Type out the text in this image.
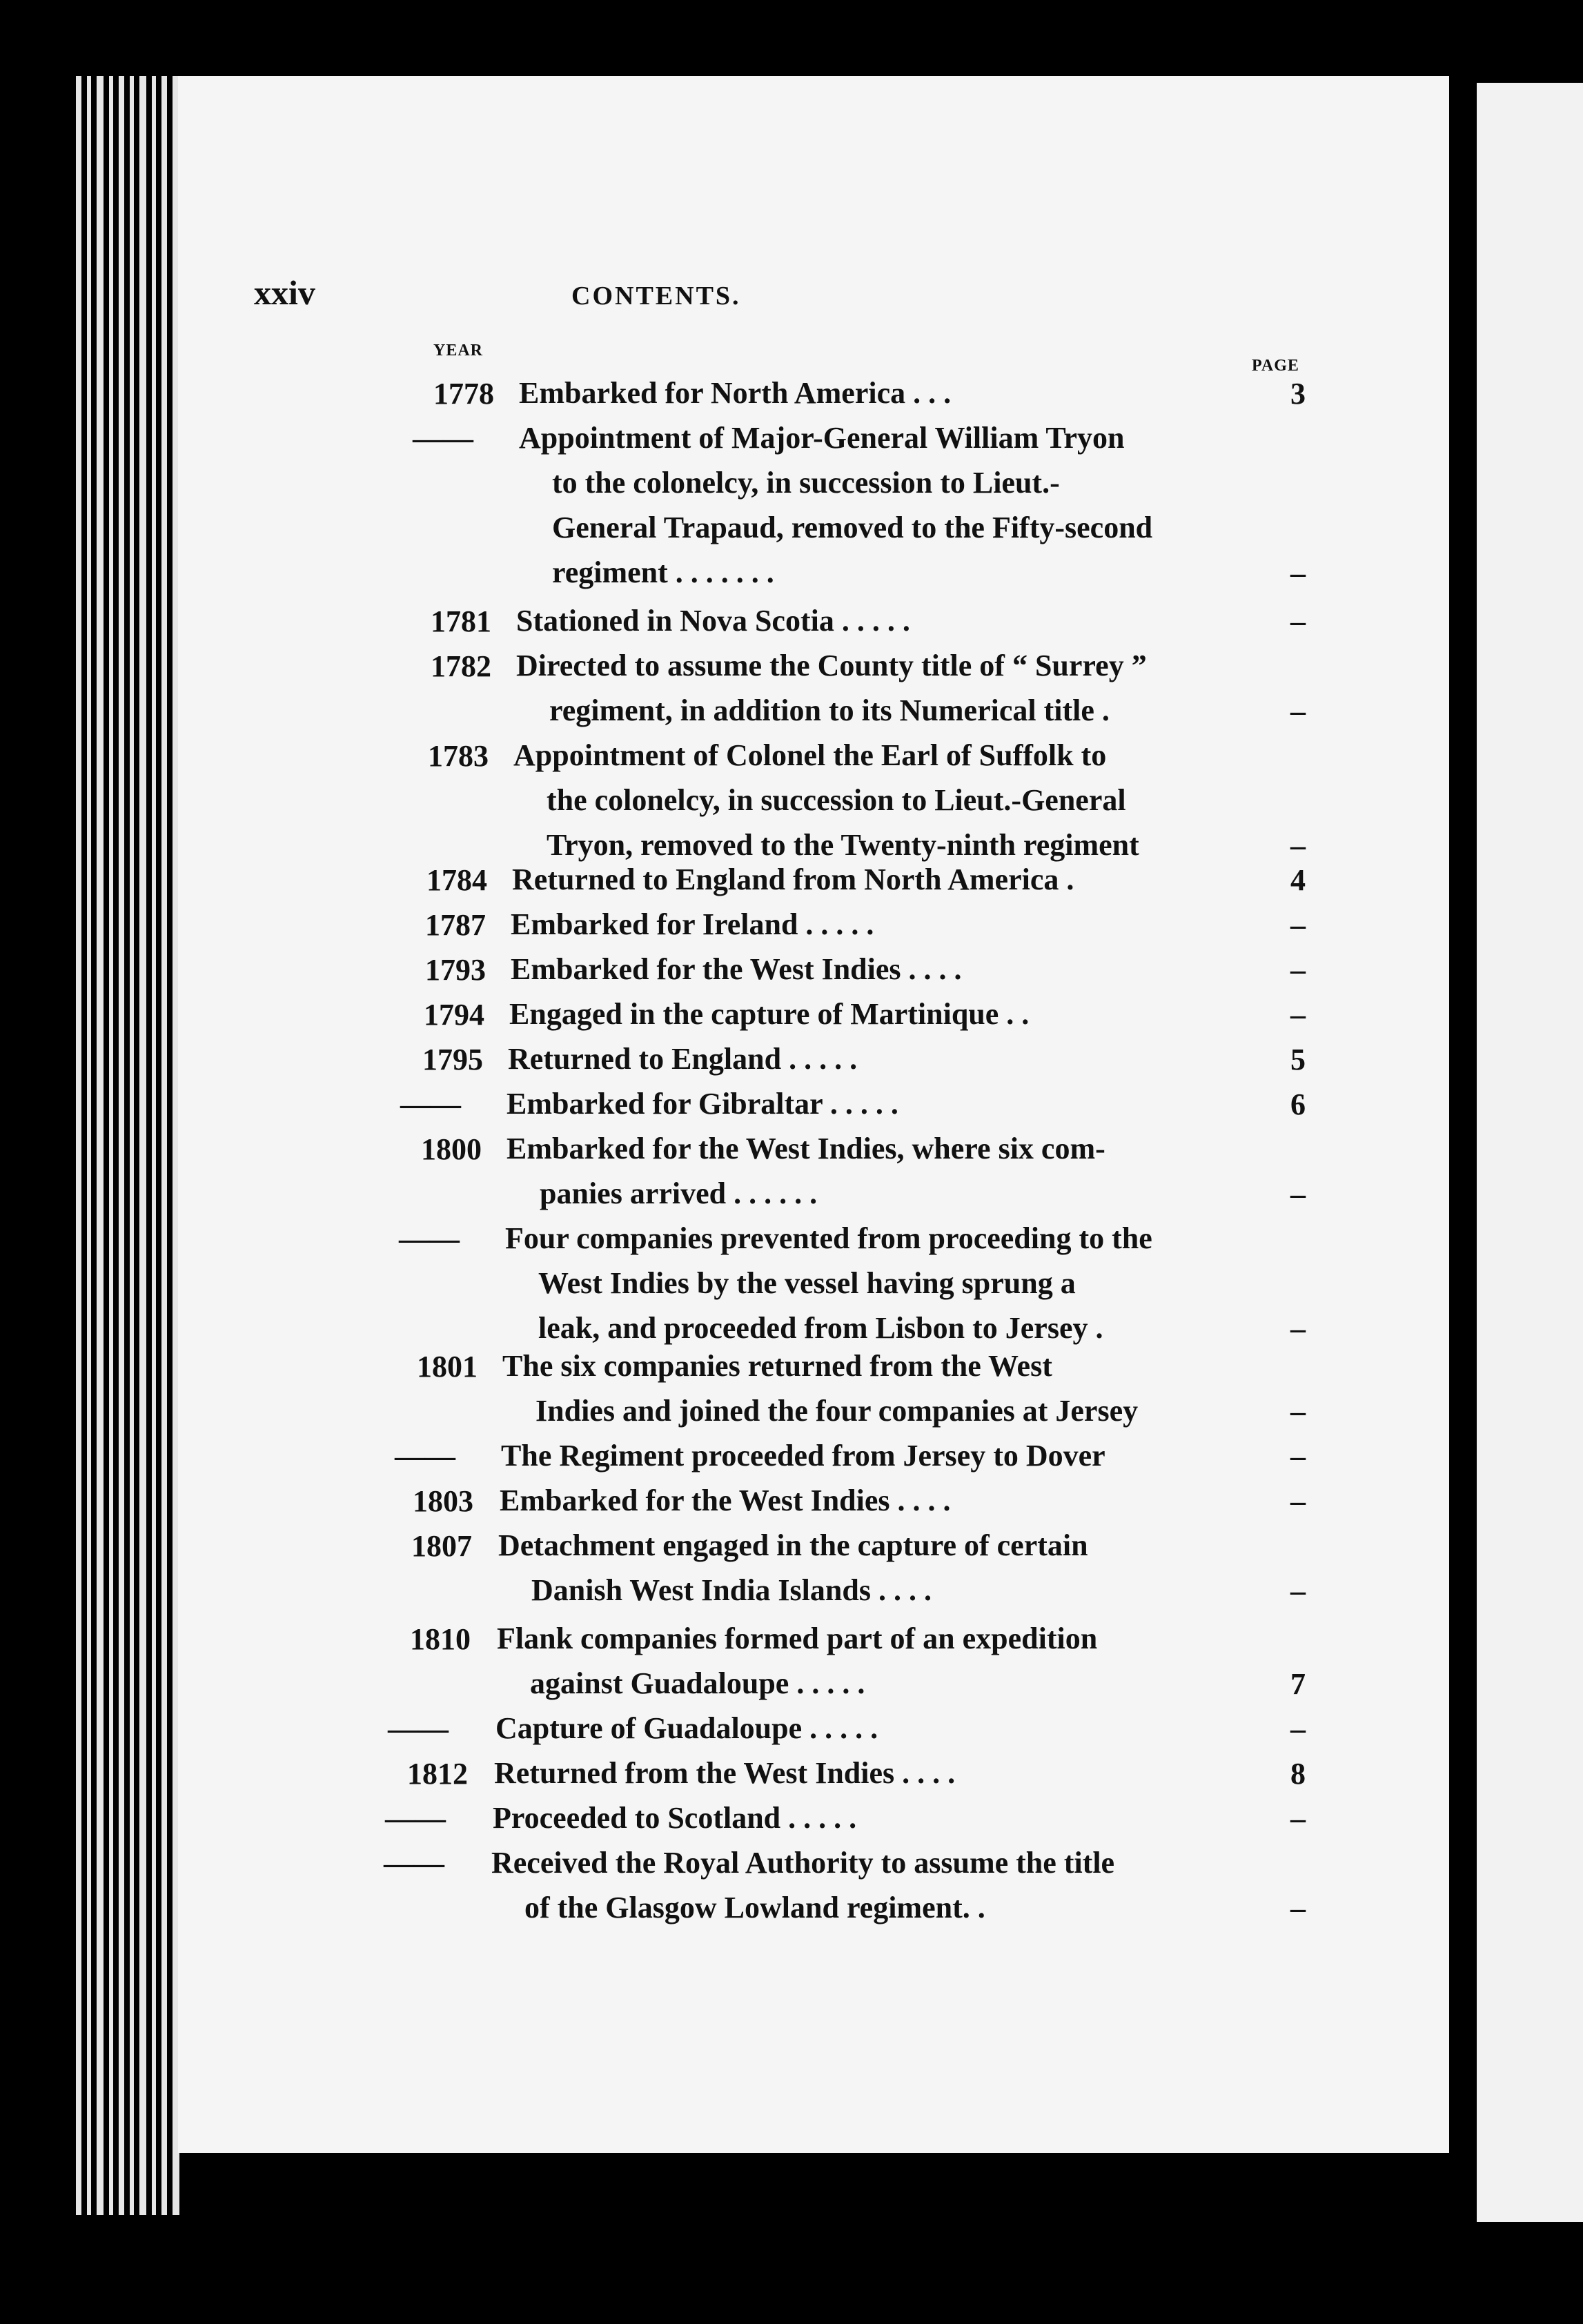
xxiv	CONTENTS.
YEAR
PAGE
1778 Embarked for North America . . .	3
—— Appointment of Major-General William Tryon
to the colonelcy, in succession to Lieut.-
General Trapaud, removed to the Fifty-second
regiment . . . . . . .	–
1781 Stationed in Nova Scotia . . . . .	–
1782 Directed to assume the County title of “ Surrey ”
regiment, in addition to its Numerical title .	–
1783 Appointment of Colonel the Earl of Suffolk to
the colonelcy, in succession to Lieut.-General
Tryon, removed to the Twenty-ninth regiment	–
1784 Returned to England from North America .	4
1787 Embarked for Ireland . . . . .	–
1793 Embarked for the West Indies . . . .	–
1794 Engaged in the capture of Martinique . .	–
1795 Returned to England . . . . .	5
—— Embarked for Gibraltar . . . . .	6
1800 Embarked for the West Indies, where six com-
panies arrived . . . . . .	–
—— Four companies prevented from proceeding to the
West Indies by the vessel having sprung a
leak, and proceeded from Lisbon to Jersey .	–
1801 The six companies returned from the West
Indies and joined the four companies at Jersey	–
—— The Regiment proceeded from Jersey to Dover	–
1803 Embarked for the West Indies . . . .	–
1807 Detachment engaged in the capture of certain
Danish West India Islands . . . .	–
1810 Flank companies formed part of an expedition
against Guadaloupe . . . . .	7
—— Capture of Guadaloupe . . . . .	–
1812 Returned from the West Indies . . . .	8
—— Proceeded to Scotland . . . . .	–
—— Received the Royal Authority to assume the title
of the Glasgow Lowland regiment. .	–
